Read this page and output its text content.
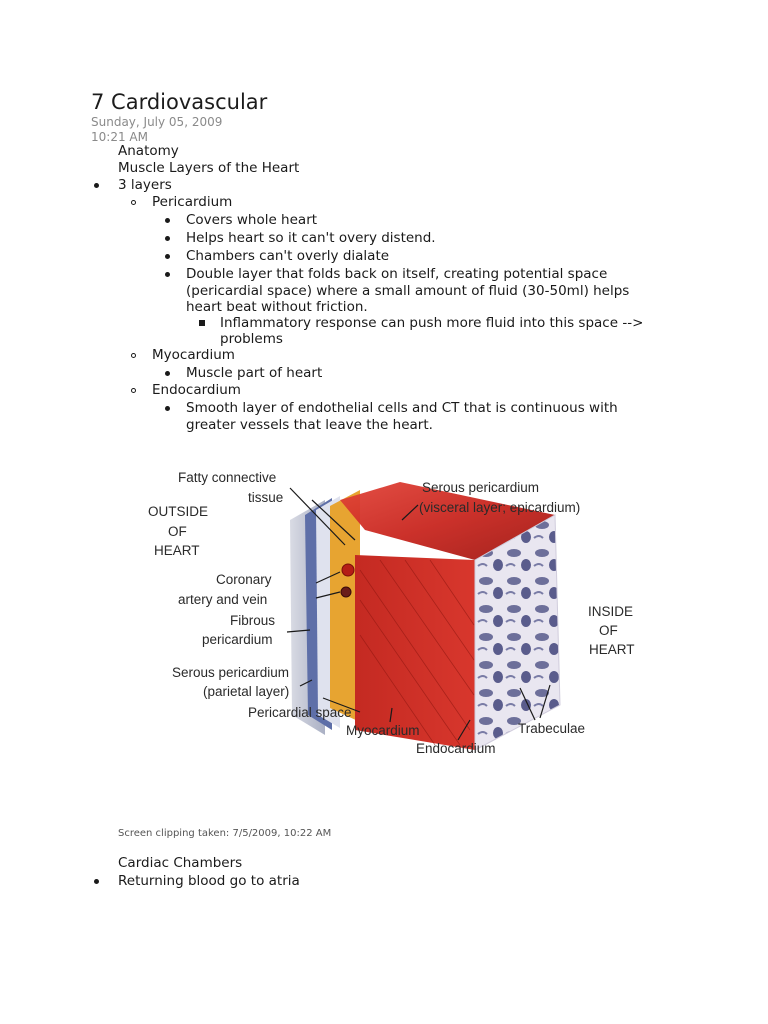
7 Cardiovascular
Sunday, July 05, 2009
10:21 AM
Anatomy
Muscle Layers of the Heart
3 layers
Pericardium
Covers whole heart
Helps heart so it can't overy distend.
Chambers can't overly dialate
Double layer that folds back on itself, creating potential space
(pericardial space) where a small amount of fluid (30-50ml) helps
heart beat without friction.
Inflammatory response can push more fluid into this space -->
problems
Myocardium
Muscle part of heart
Endocardium
Smooth layer of endothelial cells and CT that is continuous with
greater vessels that leave the heart.
Fatty connective
tissue
OUTSIDE
OF
HEART
Coronary
artery and vein
Fibrous
pericardium
Serous pericardium
(parietal layer)
Pericardial space
Myocardium
Endocardium
Serous pericardium
(visceral layer; epicardium)
INSIDE
OF
HEART
Trabeculae
Screen clipping taken: 7/5/2009, 10:22 AM
Cardiac Chambers
Returning blood go to atria
